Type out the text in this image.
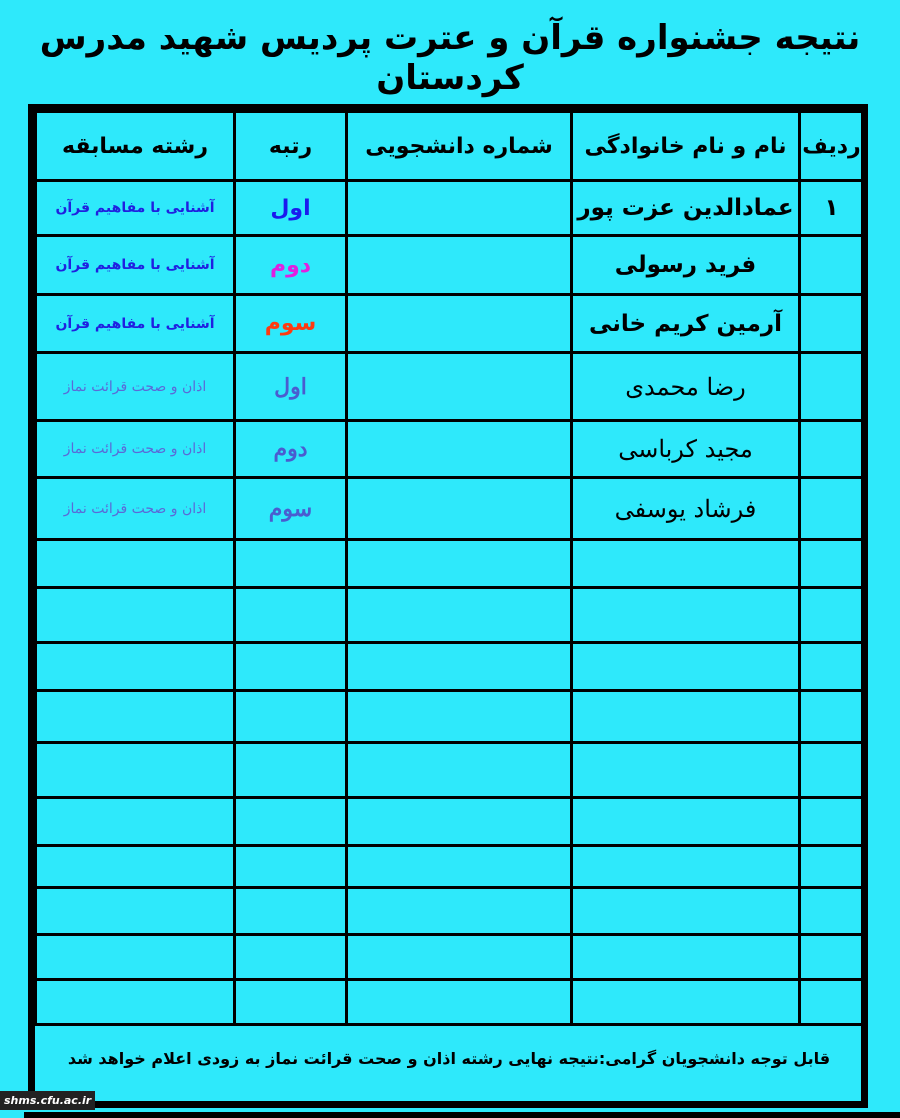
نتیجه جشنواره قرآن و عترت پردیس شهید مدرس کردستان
ردیف	نام و نام خانوادگی	شماره دانشجویی	رتبه	رشته مسابقه
۱	عمادالدین عزت پور		اول	آشنایی با مفاهیم قرآن
	فرید رسولی		دوم	آشنایی با مفاهیم قرآن
	آرمین کریم خانی		سوم	آشنایی با مفاهیم قرآن
	رضا محمدی		اول	اذان و صحت قرائت نماز
	مجید کرباسی		دوم	اذان و صحت قرائت نماز
	فرشاد یوسفی		سوم	اذان و صحت قرائت نماز

قابل توجه دانشجویان گرامی:نتیجه نهایی رشته اذان و صحت قرائت نماز به زودی اعلام خواهد شد
shms.cfu.ac.ir
